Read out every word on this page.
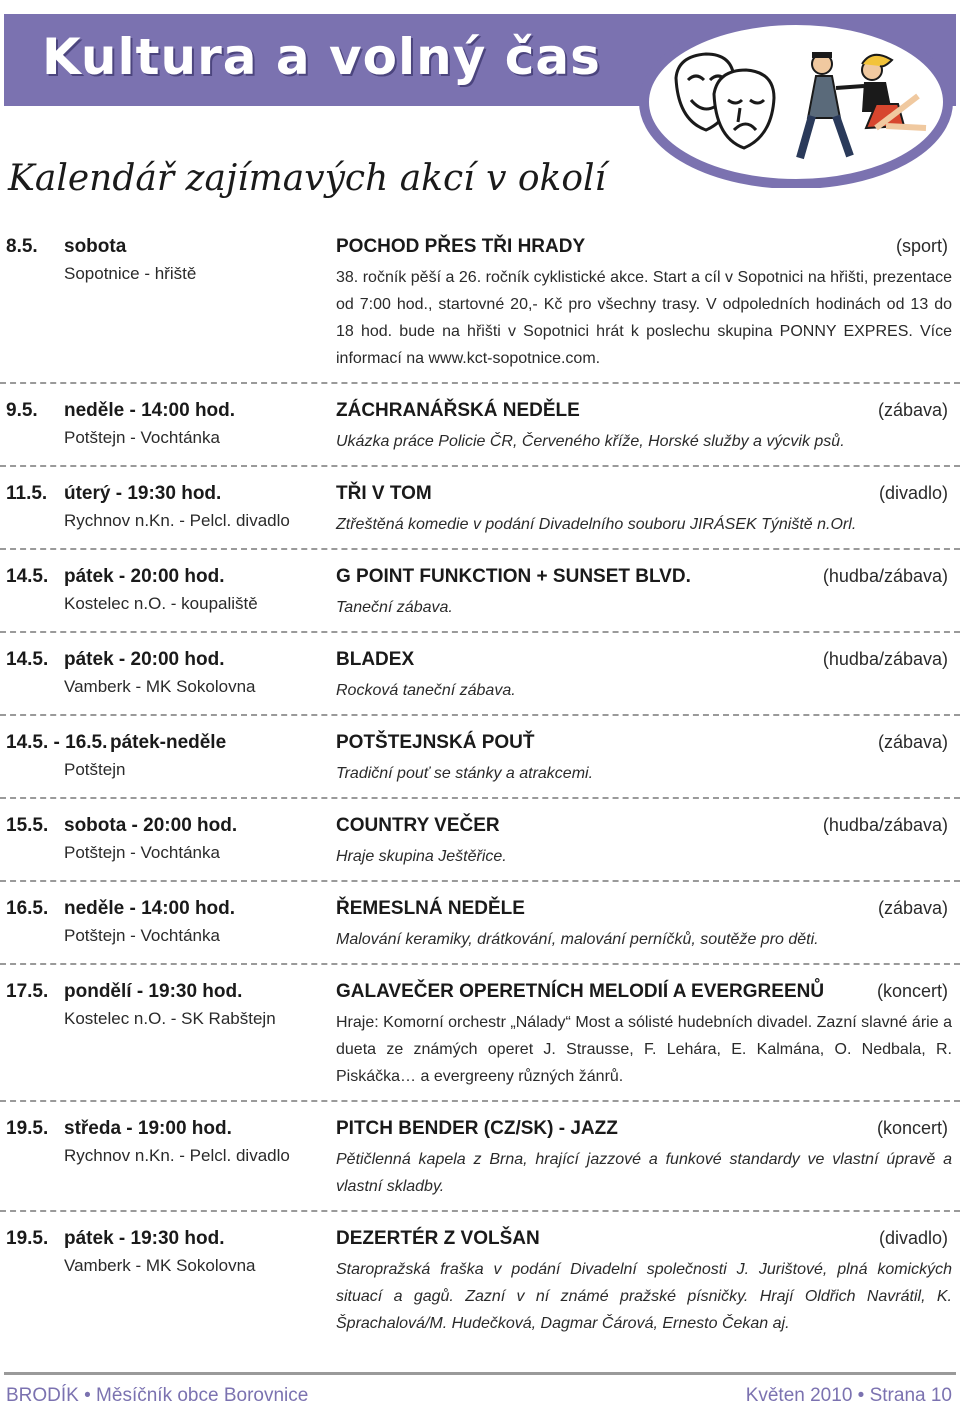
Kultura a volný čas
Kalendář zajímavých akcí v okolí
8.5. sobota
Sopotnice - hřiště
POCHOD PŘES TŘI HRADY	(sport)
38. ročník pěší a 26. ročník cyklistické akce. Start a cíl v Sopotnici na hřišti, prezentace od 7:00 hod., startovné 20,- Kč pro všechny trasy. V odpoledních hodinách od 13 do 18 hod. bude na hřišti v Sopotnici hrát k poslechu skupina PONNY EXPRES. Více informací na www.kct-sopotnice.com.
9.5. neděle - 14:00 hod.
Potštejn - Vochtánka
ZÁCHRANÁŘSKÁ NEDĚLE	(zábava)
Ukázka práce Policie ČR, Červeného kříže, Horské služby a výcvik psů.
11.5. úterý - 19:30 hod.
Rychnov n.Kn. - Pelcl. divadlo
TŘI V TOM	(divadlo)
Ztřeštěná komedie v podání Divadelního souboru JIRÁSEK Týniště n.Orl.
14.5. pátek - 20:00 hod.
Kostelec n.O. - koupaliště
G POINT FUNKCTION + SUNSET BLVD.	(hudba/zábava)
Taneční zábava.
14.5. pátek - 20:00 hod.
Vamberk - MK Sokolovna
BLADEX	(hudba/zábava)
Rocková taneční zábava.
14.5. - 16.5. pátek-neděle
Potštejn
POTŠTEJNSKÁ POUŤ	(zábava)
Tradiční pouť se stánky a atrakcemi.
15.5. sobota - 20:00 hod.
Potštejn - Vochtánka
COUNTRY VEČER	(hudba/zábava)
Hraje skupina Ještěřice.
16.5. neděle - 14:00 hod.
Potštejn - Vochtánka
ŘEMESLNÁ NEDĚLE	(zábava)
Malování keramiky, drátkování, malování perníčků, soutěže pro děti.
17.5. pondělí - 19:30 hod.
Kostelec n.O. - SK Rabštejn
GALAVEČER OPERETNÍCH MELODIÍ A EVERGREENŮ	(koncert)
Hraje: Komorní orchestr „Nálady“ Most a sólisté hudebních divadel. Zazní slavné árie a dueta ze známých operet J. Strausse, F. Lehára, E. Kalmána, O. Nedbala, R. Piskáčka… a evergreeny různých žánrů.
19.5. středa - 19:00 hod.
Rychnov n.Kn. - Pelcl. divadlo
PITCH BENDER (CZ/SK) - JAZZ	(koncert)
Pětičlenná kapela z Brna, hrající jazzové a funkové standardy ve vlastní úpravě a vlastní skladby.
19.5. pátek - 19:30 hod.
Vamberk - MK Sokolovna
DEZERTÉR Z VOLŠAN	(divadlo)
Staropražská fraška v podání Divadelní společnosti J. Jurištové, plná komických situací a gagů. Zazní v ní známé pražské písničky. Hrají Oldřich Navrátil, K. Šprachalová/M. Hudečková, Dagmar Čárová, Ernesto Čekan aj.
BRODÍK • Měsíčník obce Borovnice	Květen 2010 • Strana 10
